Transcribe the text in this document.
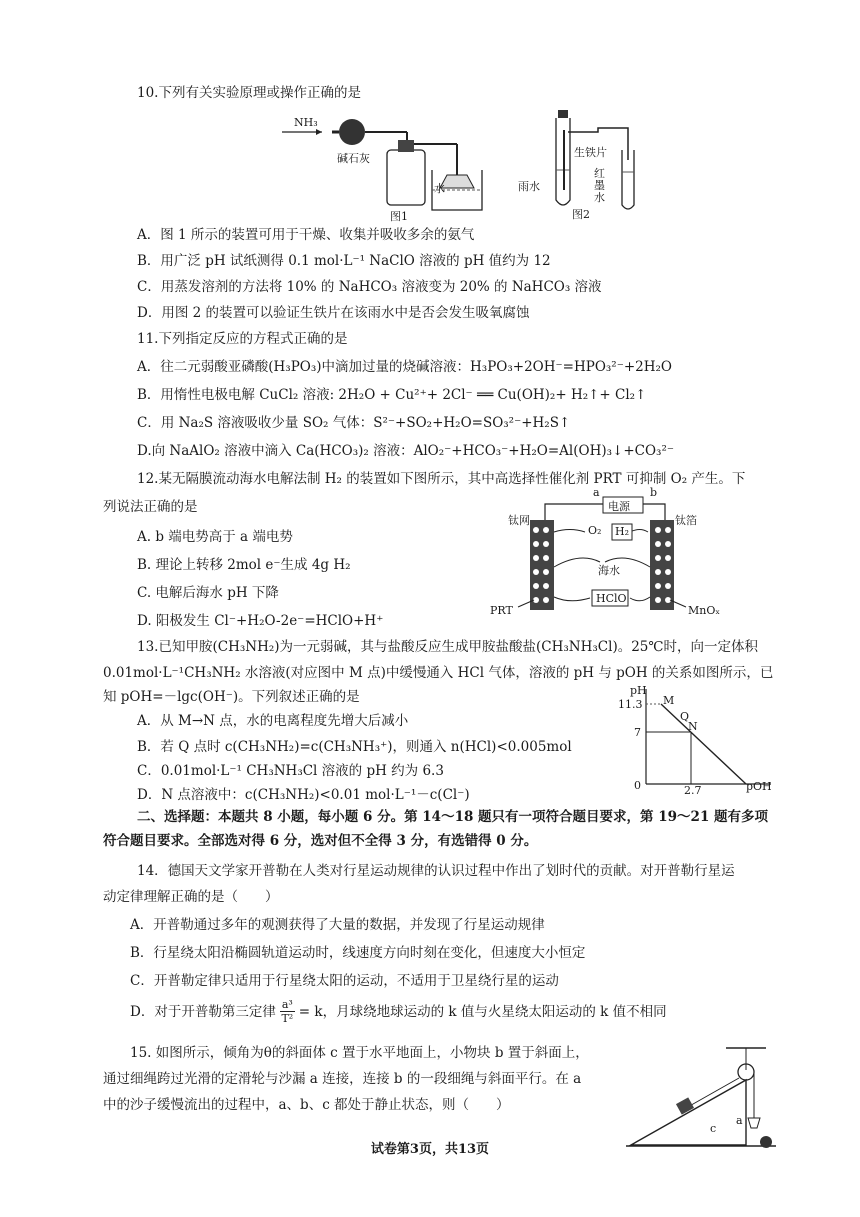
10.下列有关实验原理或操作正确的是
NH₃
碱石灰
水
图1
生铁片
雨水
红墨水
图2
A．图 1 所示的装置可用于干燥、收集并吸收多余的氨气
B．用广泛 pH 试纸测得 0.1 mol·L⁻¹ NaClO 溶液的 pH 值约为 12
C．用蒸发溶剂的方法将 10% 的 NaHCO₃ 溶液变为 20% 的 NaHCO₃ 溶液
D．用图 2 的装置可以验证生铁片在该雨水中是否会发生吸氧腐蚀
11.下列指定反应的方程式正确的是
A．往二元弱酸亚磷酸(H₃PO₃)中滴加过量的烧碱溶液：H₃PO₃+2OH⁻=HPO₃²⁻+2H₂O
B．用惰性电极电解 CuCl₂ 溶液: 2H₂O + Cu²⁺+ 2Cl⁻ ══ Cu(OH)₂+ H₂↑+ Cl₂↑
C．用 Na₂S 溶液吸收少量 SO₂ 气体：S²⁻+SO₂+H₂O=SO₃²⁻+H₂S↑
D.向 NaAlO₂ 溶液中滴入 Ca(HCO₃)₂ 溶液：AlO₂⁻+HCO₃⁻+H₂O=Al(OH)₃↓+CO₃²⁻
12.某无隔膜流动海水电解法制 H₂ 的装置如下图所示，其中高选择性催化剂 PRT 可抑制 O₂ 产生。下
列说法正确的是
A. b 端电势高于 a 端电势
B. 理论上转移 2mol e⁻生成 4g H₂
C. 电解后海水 pH 下降
D. 阳极发生 Cl⁻+H₂O-2e⁻=HClO+H⁺
a	b
电源
钛网	钛箔
O₂ H₂
海水
HClO
PRT	MnOₓ
13.已知甲胺(CH₃NH₂)为一元弱碱，其与盐酸反应生成甲胺盐酸盐(CH₃NH₃Cl)。25℃时，向一定体积
0.01mol·L⁻¹CH₃NH₂ 水溶液(对应图中 M 点)中缓慢通入 HCl 气体，溶液的 pH 与 pOH 的关系如图所示，已
知 pOH=－lgc(OH⁻)。下列叙述正确的是
A．从 M→N 点，水的电离程度先增大后减小
B．若 Q 点时 c(CH₃NH₂)=c(CH₃NH₃⁺)，则通入 n(HCl)<0.005mol
C．0.01mol·L⁻¹ CH₃NH₃Cl 溶液的 pH 约为 6.3
D．N 点溶液中：c(CH₃NH₂)<0.01 mol·L⁻¹－c(Cl⁻)
pH
pOH
11.3
7
0
M
Q
N
2.7
二、选择题：本题共 8 小题，每小题 6 分。第 14～18 题只有一项符合题目要求，第 19～21 题有多项
符合题目要求。全部选对得 6 分，选对但不全得 3 分，有选错得 0 分。
14．德国天文学家开普勒在人类对行星运动规律的认识过程中作出了划时代的贡献。对开普勒行星运
动定律理解正确的是（　　）
A．开普勒通过多年的观测获得了大量的数据，并发现了行星运动规律
B．行星绕太阳沿椭圆轨道运动时，线速度方向时刻在变化，但速度大小恒定
C．开普勒定律只适用于行星绕太阳的运动，不适用于卫星绕行星的运动
D．对于开普勒第三定律 $\frac{\text{a³}}{\text{T²}} = k$，月球绕地球运动的 k 值与火星绕太阳运动的 k 值不相同
15. 如图所示，倾角为θ的斜面体 c 置于水平地面上，小物块 b 置于斜面上，
通过细绳跨过光滑的定滑轮与沙漏 a 连接，连接 b 的一段细绳与斜面平行。在 a
中的沙子缓慢流出的过程中，a、b、c 都处于静止状态，则（　　）
c
a
试卷第3页，共13页
